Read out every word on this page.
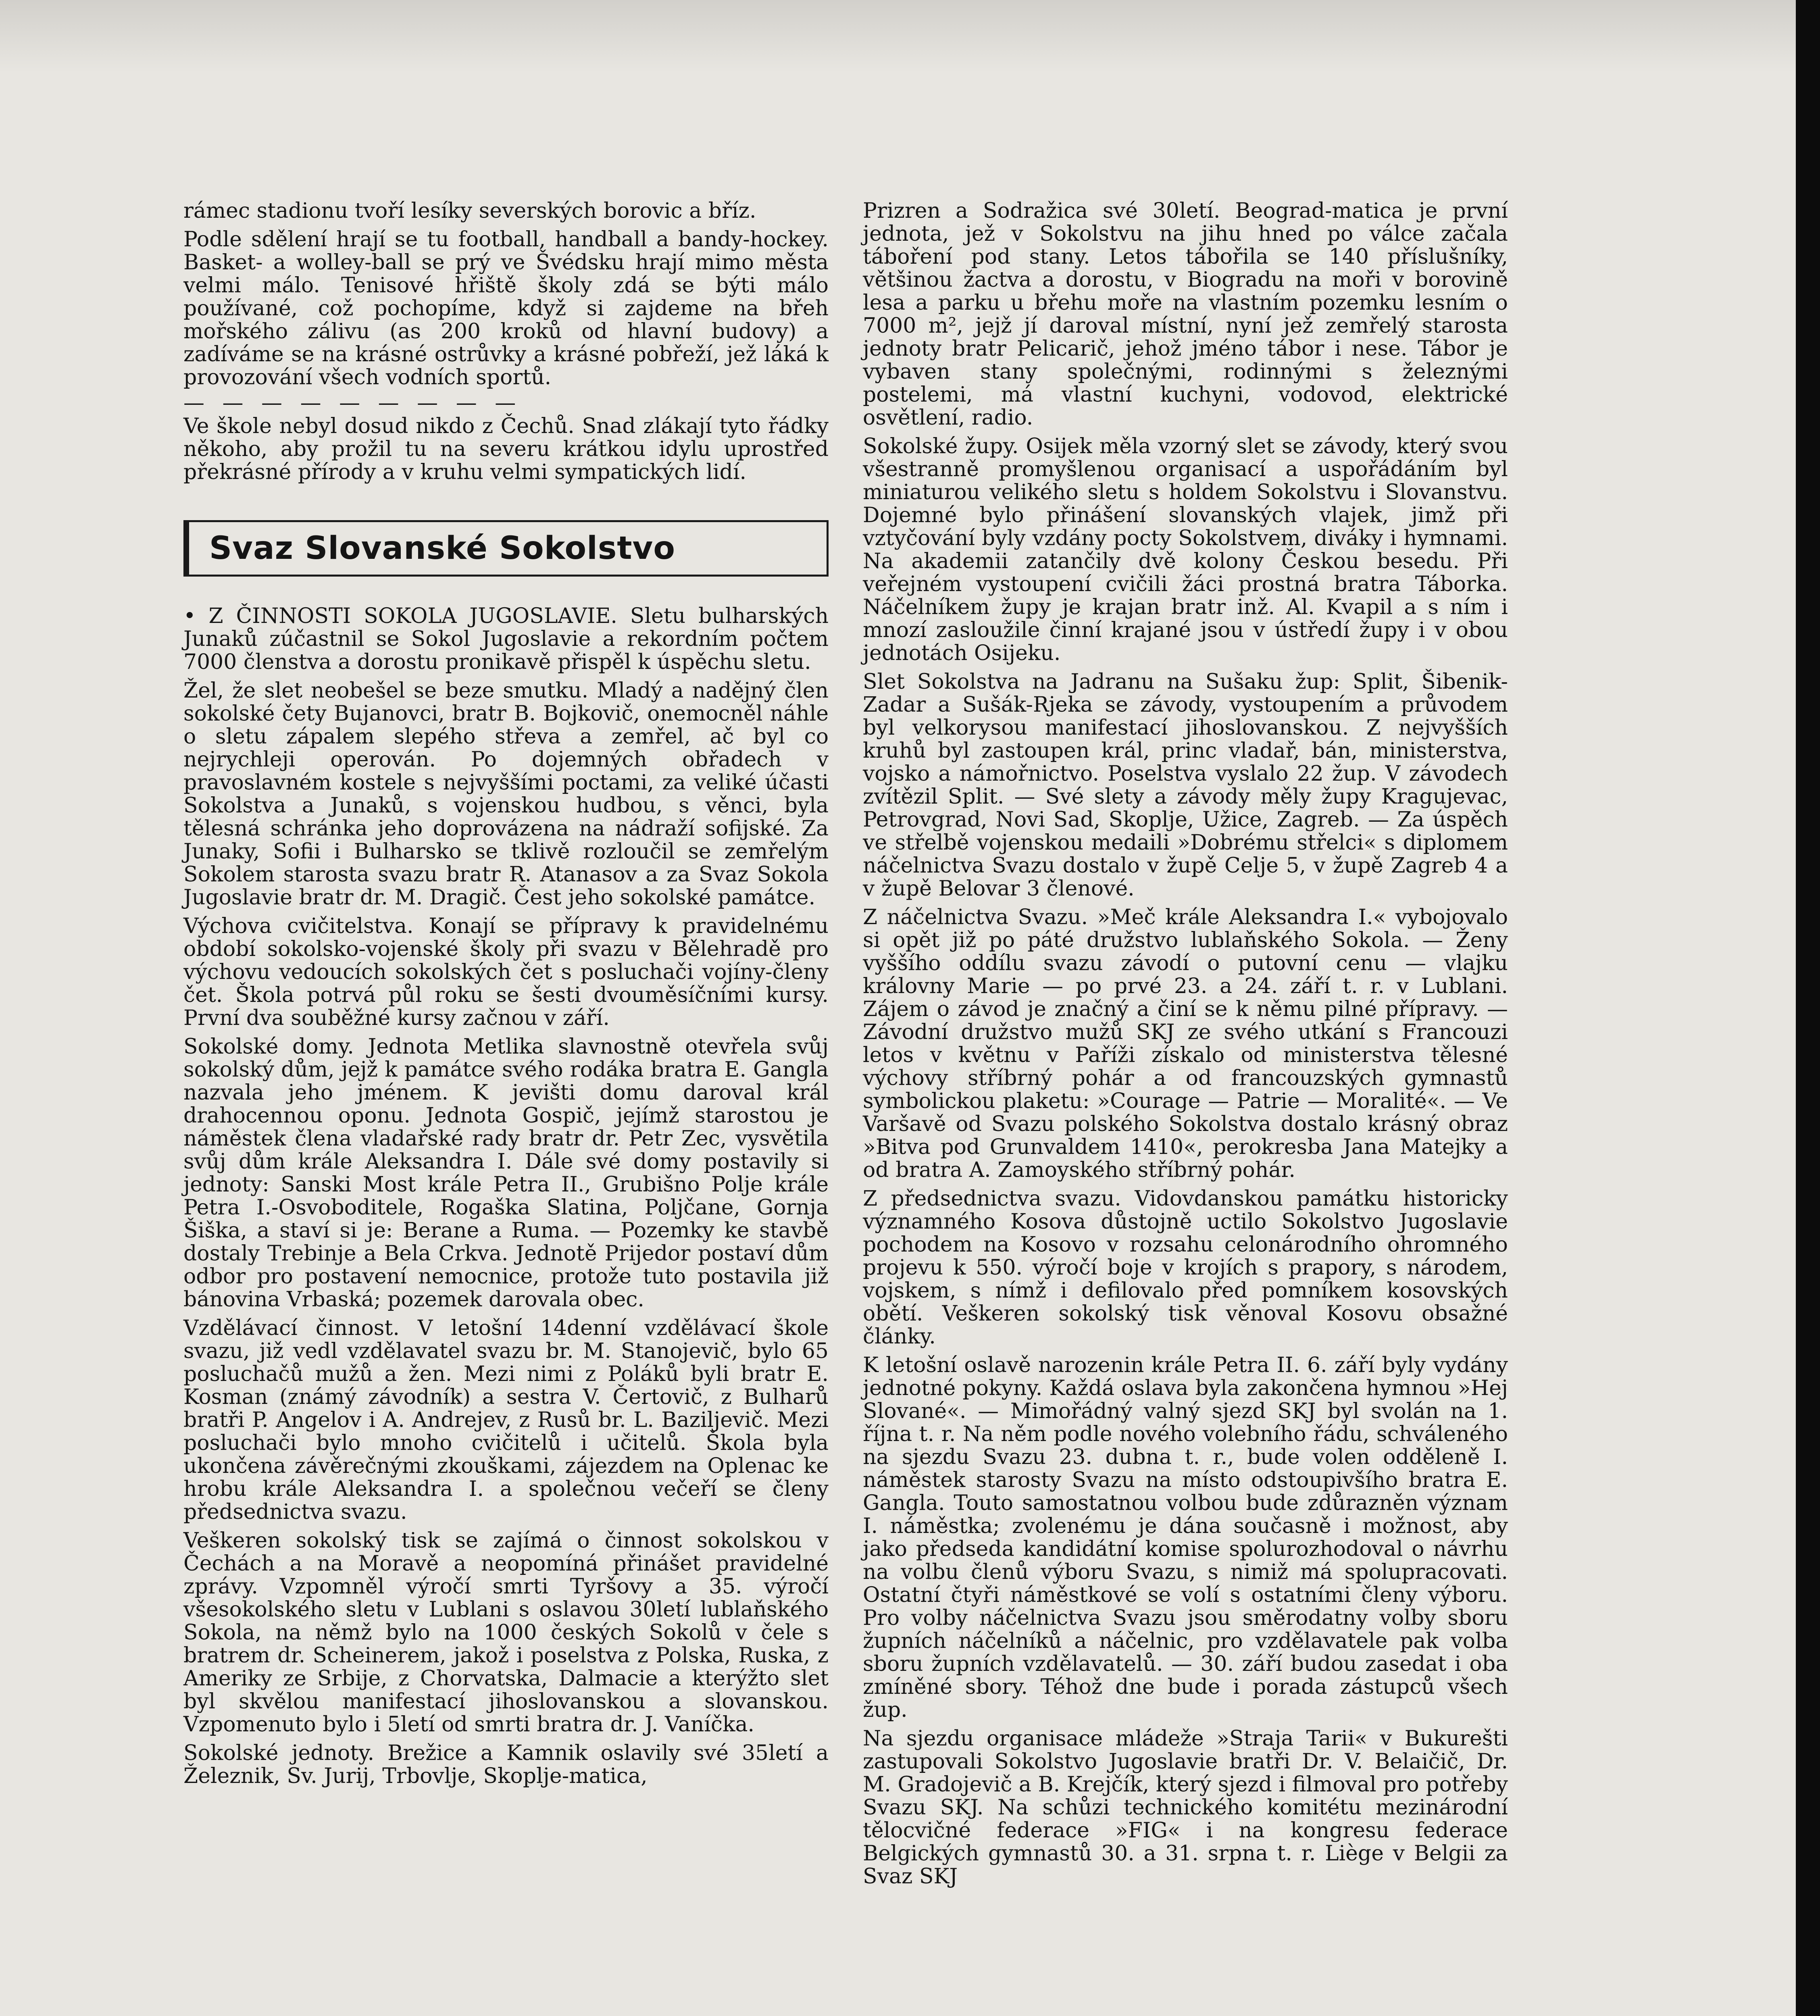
rámec stadionu tvoří lesíky severských borovic a bříz.

Podle sdělení hrají se tu football, handball a bandy-hockey. Basket- a wolley-ball se prý ve Švédsku hrají mimo města velmi málo. Tenisové hřiště školy zdá se býti málo používané, což pochopíme, když si zajdeme na břeh mořského zálivu (as 200 kroků od hlavní budovy) a zadíváme se na krásné ostrůvky a krásné pobřeží, jež láká k provozování všech vodních sportů.

— — — — — — — — —

Ve škole nebyl dosud nikdo z Čechů. Snad zlákají tyto řádky někoho, aby prožil tu na severu krátkou idylu uprostřed překrásné přírody a v kruhu velmi sympatických lidí.

Svaz Slovanské Sokolstvo

• Z ČINNOSTI SOKOLA JUGOSLAVIE. Sletu bulharských Junaků zúčastnil se Sokol Jugoslavie a rekordním počtem 7000 členstva a dorostu pronikavě přispěl k úspěchu sletu.

Žel, že slet neobešel se beze smutku. Mladý a nadějný člen sokolské čety Bujanovci, bratr B. Bojkovič, onemocněl náhle o sletu zápalem slepého střeva a zemřel, ač byl co nejrychleji operován. Po dojemných obřadech v pravoslavném kostele s nejvyššími poctami, za veliké účasti Sokolstva a Junaků, s vojenskou hudbou, s věnci, byla tělesná schránka jeho doprovázena na nádraží sofijské. Za Junaky, Sofii i Bulharsko se tklivě rozloučil se zemřelým Sokolem starosta svazu bratr R. Atanasov a za Svaz Sokola Jugoslavie bratr dr. M. Dragič. Čest jeho sokolské památce.

Výchova cvičitelstva. Konají se přípravy k pravidelnému období sokolsko-vojenské školy při svazu v Bělehradě pro výchovu vedoucích sokolských čet s posluchači vojíny-členy čet. Škola potrvá půl roku se šesti dvouměsíčními kursy. První dva souběžné kursy začnou v září.

Sokolské domy. Jednota Metlika slavnostně otevřela svůj sokolský dům, jejž k památce svého rodáka bratra E. Gangla nazvala jeho jménem. K jevišti domu daroval král drahocennou oponu. Jednota Gospič, jejímž starostou je náměstek člena vladařské rady bratr dr. Petr Zec, vysvětila svůj dům krále Aleksandra I. Dále své domy postavily si jednoty: Sanski Most krále Petra II., Grubišno Polje krále Petra I.-Osvoboditele, Rogaška Slatina, Poljčane, Gornja Šiška, a staví si je: Berane a Ruma. — Pozemky ke stavbě dostaly Trebinje a Bela Crkva. Jednotě Prijedor postaví dům odbor pro postavení nemocnice, protože tuto postavila již bánovina Vrbaská; pozemek darovala obec.

Vzdělávací činnost. V letošní 14denní vzdělávací škole svazu, již vedl vzdělavatel svazu br. M. Stanojevič, bylo 65 posluchačů mužů a žen. Mezi nimi z Poláků byli bratr E. Kosman (známý závodník) a sestra V. Čertovič, z Bulharů bratři P. Angelov i A. Andrejev, z Rusů br. L. Baziljevič. Mezi posluchači bylo mnoho cvičitelů i učitelů. Škola byla ukončena závěrečnými zkouškami, zájezdem na Oplenac ke hrobu krále Aleksandra I. a společnou večeří se členy předsednictva svazu.

Veškeren sokolský tisk se zajímá o činnost sokolskou v Čechách a na Moravě a neopomíná přinášet pravidelné zprávy. Vzpomněl výročí smrti Tyršovy a 35. výročí všesokolského sletu v Lublani s oslavou 30letí lublaňského Sokola, na němž bylo na 1000 českých Sokolů v čele s bratrem dr. Scheinerem, jakož i poselstva z Polska, Ruska, z Ameriky ze Srbije, z Chorvatska, Dalmacie a kterýžto slet byl skvělou manifestací jihoslovanskou a slovanskou. Vzpomenuto bylo i 5letí od smrti bratra dr. J. Vaníčka.

Sokolské jednoty. Brežice a Kamnik oslavily své 35letí a Železnik, Sv. Jurij, Trbovlje, Skoplje-matica,

Prizren a Sodražica své 30letí. Beograd-matica je první jednota, jež v Sokolstvu na jihu hned po válce začala táboření pod stany. Letos tábořila se 140 příslušníky, většinou žactva a dorostu, v Biogradu na moři v borovině lesa a parku u břehu moře na vlastním pozemku lesním o 7000 m², jejž jí daroval místní, nyní jež zemřelý starosta jednoty bratr Pelicarič, jehož jméno tábor i nese. Tábor je vybaven stany společnými, rodinnými s železnými postelemi, má vlastní kuchyni, vodovod, elektrické osvětlení, radio.

Sokolské župy. Osijek měla vzorný slet se závody, který svou všestranně promyšlenou organisací a uspořádáním byl miniaturou velikého sletu s holdem Sokolstvu i Slovanstvu. Dojemné bylo přinášení slovanských vlajek, jimž při vztyčování byly vzdány pocty Sokolstvem, diváky i hymnami. Na akademii zatančily dvě kolony Českou besedu. Při veřejném vystoupení cvičili žáci prostná bratra Táborka. Náčelníkem župy je krajan bratr inž. Al. Kvapil a s ním i mnozí zasloužile činní krajané jsou v ústředí župy i v obou jednotách Osijeku.

Slet Sokolstva na Jadranu na Sušaku žup: Split, Šibenik-Zadar a Sušák-Rjeka se závody, vystoupením a průvodem byl velkorysou manifestací jihoslovanskou. Z nejvyšších kruhů byl zastoupen král, princ vladař, bán, ministerstva, vojsko a námořnictvo. Poselstva vyslalo 22 žup. V závodech zvítězil Split. — Své slety a závody měly župy Kragujevac, Petrovgrad, Novi Sad, Skoplje, Užice, Zagreb. — Za úspěch ve střelbě vojenskou medaili »Dobrému střelci« s diplomem náčelnictva Svazu dostalo v župě Celje 5, v župě Zagreb 4 a v župě Belovar 3 členové.

Z náčelnictva Svazu. »Meč krále Aleksandra I.« vybojovalo si opět již po páté družstvo lublaňského Sokola. — Ženy vyššího oddílu svazu závodí o putovní cenu — vlajku královny Marie — po prvé 23. a 24. září t. r. v Lublani. Zájem o závod je značný a činí se k němu pilné přípravy. — Závodní družstvo mužů SKJ ze svého utkání s Francouzi letos v květnu v Paříži získalo od ministerstva tělesné výchovy stříbrný pohár a od francouzských gymnastů symbolickou plaketu: »Courage — Patrie — Moralité«. — Ve Varšavě od Svazu polského Sokolstva dostalo krásný obraz »Bitva pod Grunvaldem 1410«, perokresba Jana Matejky a od bratra A. Zamoyského stříbrný pohár.

Z předsednictva svazu. Vidovdanskou památku historicky významného Kosova důstojně uctilo Sokolstvo Jugoslavie pochodem na Kosovo v rozsahu celonárodního ohromného projevu k 550. výročí boje v krojích s prapory, s národem, vojskem, s nímž i defilovalo před pomníkem kosovských obětí. Veškeren sokolský tisk věnoval Kosovu obsažné články.

K letošní oslavě narozenin krále Petra II. 6. září byly vydány jednotné pokyny. Každá oslava byla zakončena hymnou »Hej Slované«. — Mimořádný valný sjezd SKJ byl svolán na 1. října t. r. Na něm podle nového volebního řádu, schváleného na sjezdu Svazu 23. dubna t. r., bude volen odděleně I. náměstek starosty Svazu na místo odstoupivšího bratra E. Gangla. Touto samostatnou volbou bude zdůrazněn význam I. náměstka; zvolenému je dána současně i možnost, aby jako předseda kandidátní komise spolurozhodoval o návrhu na volbu členů výboru Svazu, s nimiž má spolupracovati. Ostatní čtyři náměstkové se volí s ostatními členy výboru. Pro volby náčelnictva Svazu jsou směrodatny volby sboru župních náčelníků a náčelnic, pro vzdělavatele pak volba sboru župních vzdělavatelů. — 30. září budou zasedat i oba zmíněné sbory. Téhož dne bude i porada zástupců všech žup.

Na sjezdu organisace mládeže »Straja Tarii« v Bukurešti zastupovali Sokolstvo Jugoslavie bratři Dr. V. Belaičič, Dr. M. Gradojevič a B. Krejčík, který sjezd i filmoval pro potřeby Svazu SKJ. Na schůzi technického komitétu mezinárodní tělocvičné federace »FIG« i na kongresu federace Belgických gymnastů 30. a 31. srpna t. r. Liège v Belgii za Svaz SKJ
